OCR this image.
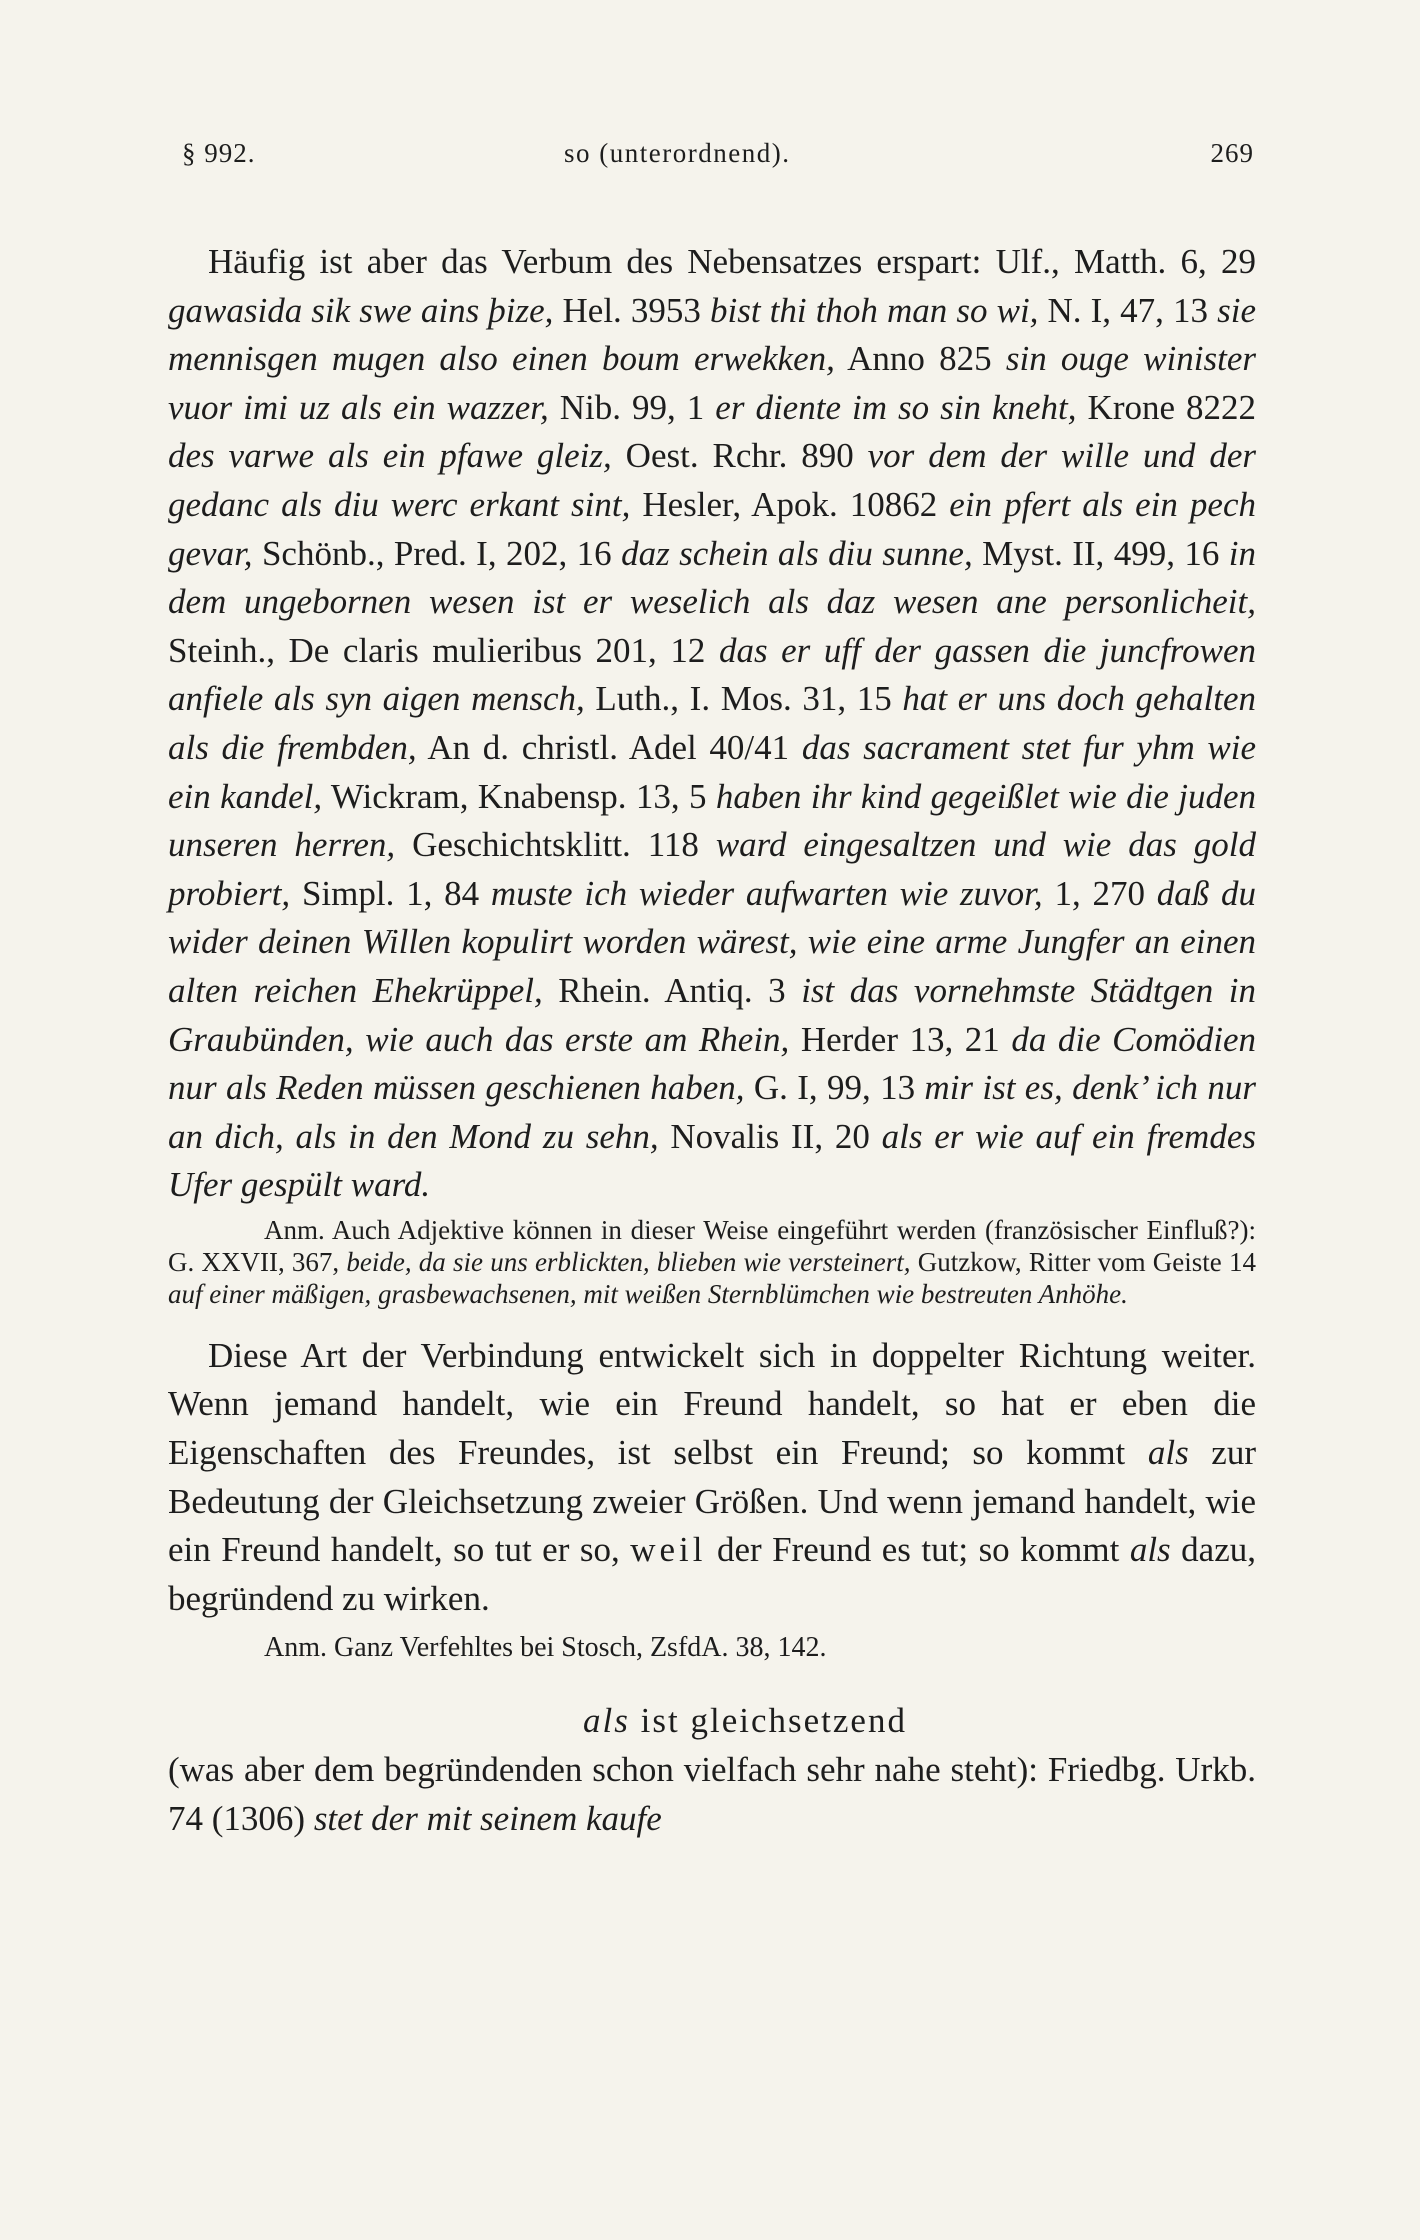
§ 992.	so (unterordnend).	269

Häufig ist aber das Verbum des Nebensatzes erspart: Ulf., Matth. 6, 29 gawasida sik swe ains þize, Hel. 3953 bist thi thoh man so wi, N. I, 47, 13 sie mennisgen mugen also einen boum erwekken, Anno 825 sin ouge winister vuor imi uz als ein wazzer, Nib. 99, 1 er diente im so sin kneht, Krone 8222 des varwe als ein pfawe gleiz, Oest. Rchr. 890 vor dem der wille und der gedanc als diu werc erkant sint, Hesler, Apok. 10862 ein pfert als ein pech gevar, Schönb., Pred. I, 202, 16 daz schein als diu sunne, Myst. II, 499, 16 in dem ungebornen wesen ist er weselich als daz wesen ane personlicheit, Steinh., De claris mulieribus 201, 12 das er uff der gassen die juncfrowen anfiele als syn aigen mensch, Luth., I. Mos. 31, 15 hat er uns doch gehalten als die frembden, An d. christl. Adel 40/41 das sacrament stet fur yhm wie ein kandel, Wickram, Knabensp. 13, 5 haben ihr kind gegeißlet wie die juden unseren herren, Geschichtsklitt. 118 ward eingesaltzen und wie das gold probiert, Simpl. 1, 84 muste ich wieder aufwarten wie zuvor, 1, 270 daß du wider deinen Willen kopulirt worden wärest, wie eine arme Jungfer an einen alten reichen Ehekrüppel, Rhein. Antiq. 3 ist das vornehmste Städtgen in Graubünden, wie auch das erste am Rhein, Herder 13, 21 da die Comödien nur als Reden müssen geschienen haben, G. I, 99, 13 mir ist es, denk’ ich nur an dich, als in den Mond zu sehn, Novalis II, 20 als er wie auf ein fremdes Ufer gespült ward.

Anm. Auch Adjektive können in dieser Weise eingeführt werden (französischer Einfluß?): G. XXVII, 367, beide, da sie uns erblickten, blieben wie versteinert, Gutzkow, Ritter vom Geiste 14 auf einer mäßigen, grasbewachsenen, mit weißen Sternblümchen wie bestreuten Anhöhe.

Diese Art der Verbindung entwickelt sich in doppelter Richtung weiter. Wenn jemand handelt, wie ein Freund handelt, so hat er eben die Eigenschaften des Freundes, ist selbst ein Freund; so kommt als zur Bedeutung der Gleichsetzung zweier Größen. Und wenn jemand handelt, wie ein Freund handelt, so tut er so, weil der Freund es tut; so kommt als dazu, begründend zu wirken.

Anm. Ganz Verfehltes bei Stosch, ZsfdA. 38, 142.

als ist gleichsetzend

(was aber dem begründenden schon vielfach sehr nahe steht): Friedbg. Urkb. 74 (1306) stet der mit seinem kaufe
